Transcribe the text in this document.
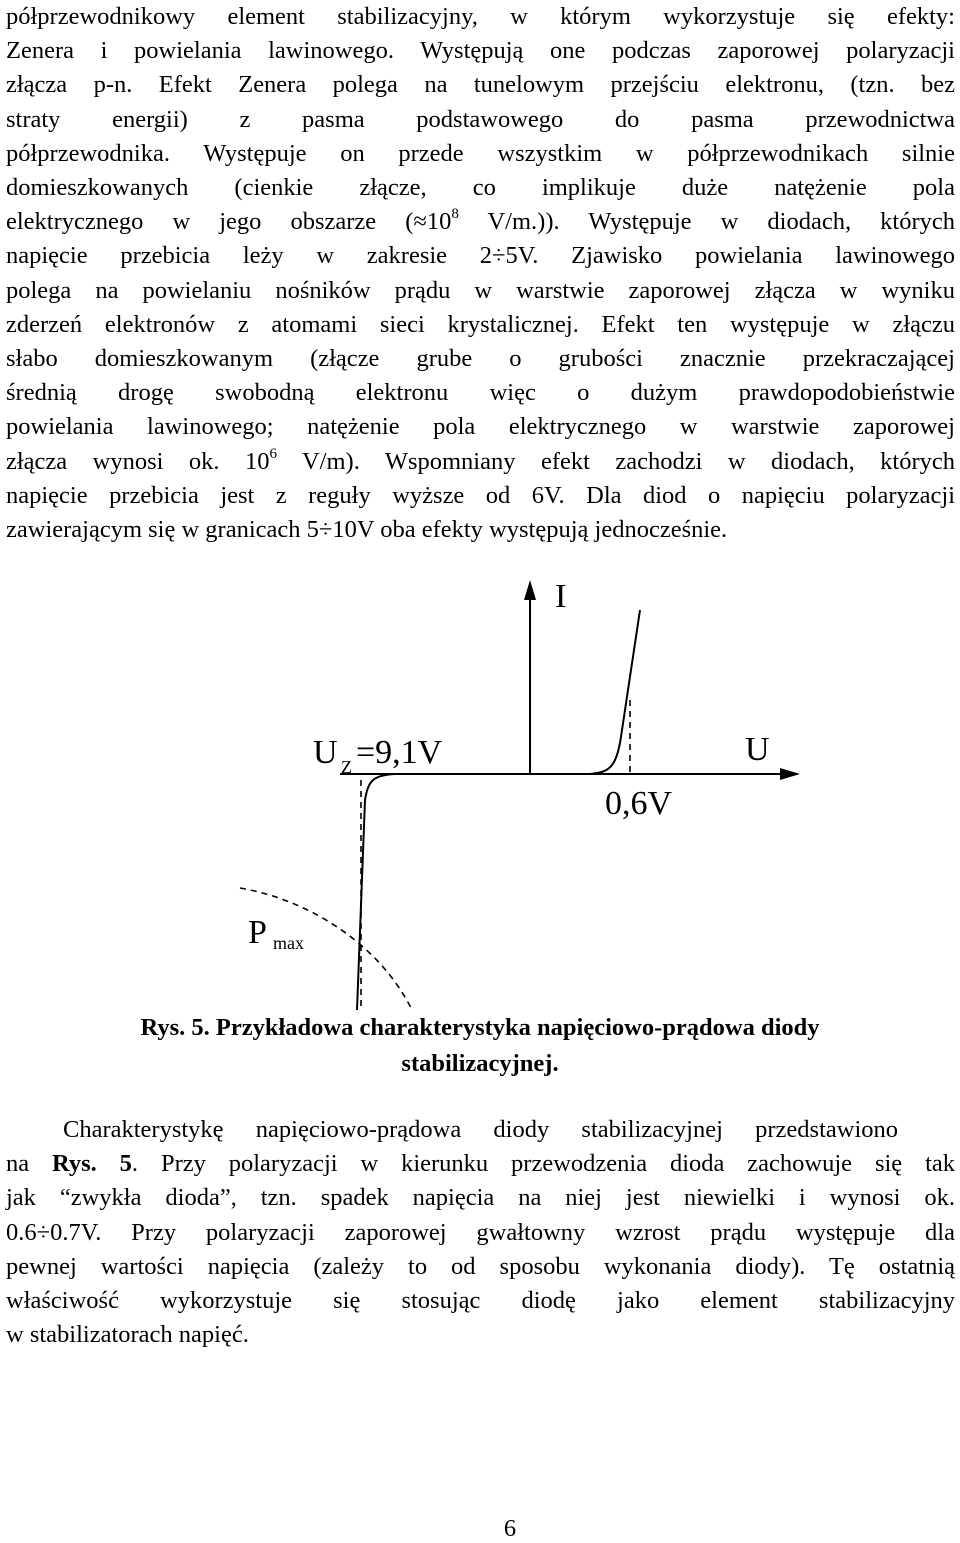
półprzewodnikowy element stabilizacyjny, w którym wykorzystuje się efekty:
Zenera i powielania lawinowego. Występują one podczas zaporowej polaryzacji
złącza p-n. Efekt Zenera polega na tunelowym przejściu elektronu, (tzn. bez
straty energii) z pasma podstawowego do pasma przewodnictwa
półprzewodnika. Występuje on przede wszystkim w półprzewodnikach silnie
domieszkowanych (cienkie złącze, co implikuje duże natężenie pola
elektrycznego w jego obszarze ($\approx 10^8$ V/m.)). Występuje w diodach, których
napięcie przebicia leży w zakresie 2÷5V. Zjawisko powielania lawinowego
polega na powielaniu nośników prądu w warstwie zaporowej złącza w wyniku
zderzeń elektronów z atomami sieci krystalicznej. Efekt ten występuje w złączu
słabo domieszkowanym (złącze grube o grubości znacznie przekraczającej
średnią drogę swobodną elektronu więc o dużym prawdopodobieństwie
powielania lawinowego; natężenie pola elektrycznego w warstwie zaporowej
złącza wynosi ok. $10^6$ V/m). Wspomniany efekt zachodzi w diodach, których
napięcie przebicia jest z reguły wyższe od 6V. Dla diod o napięciu polaryzacji
zawierającym się w granicach 5÷10V oba efekty występują jednocześnie.
I
U
U Z =9,1V
0,6V
P max
Rys. 5. Przykładowa charakterystyka napięciowo-prądowa diody
stabilizacyjnej.
Charakterystykę napięciowo-prądowa diody stabilizacyjnej przedstawiono
na Rys. 5. Przy polaryzacji w kierunku przewodzenia dioda zachowuje się tak
jak “zwykła dioda”, tzn. spadek napięcia na niej jest niewielki i wynosi ok.
0.6÷0.7V. Przy polaryzacji zaporowej gwałtowny wzrost prądu występuje dla
pewnej wartości napięcia (zależy to od sposobu wykonania diody). Tę ostatnią
właściwość wykorzystuje się stosując diodę jako element stabilizacyjny
w stabilizatorach napięć.
6
